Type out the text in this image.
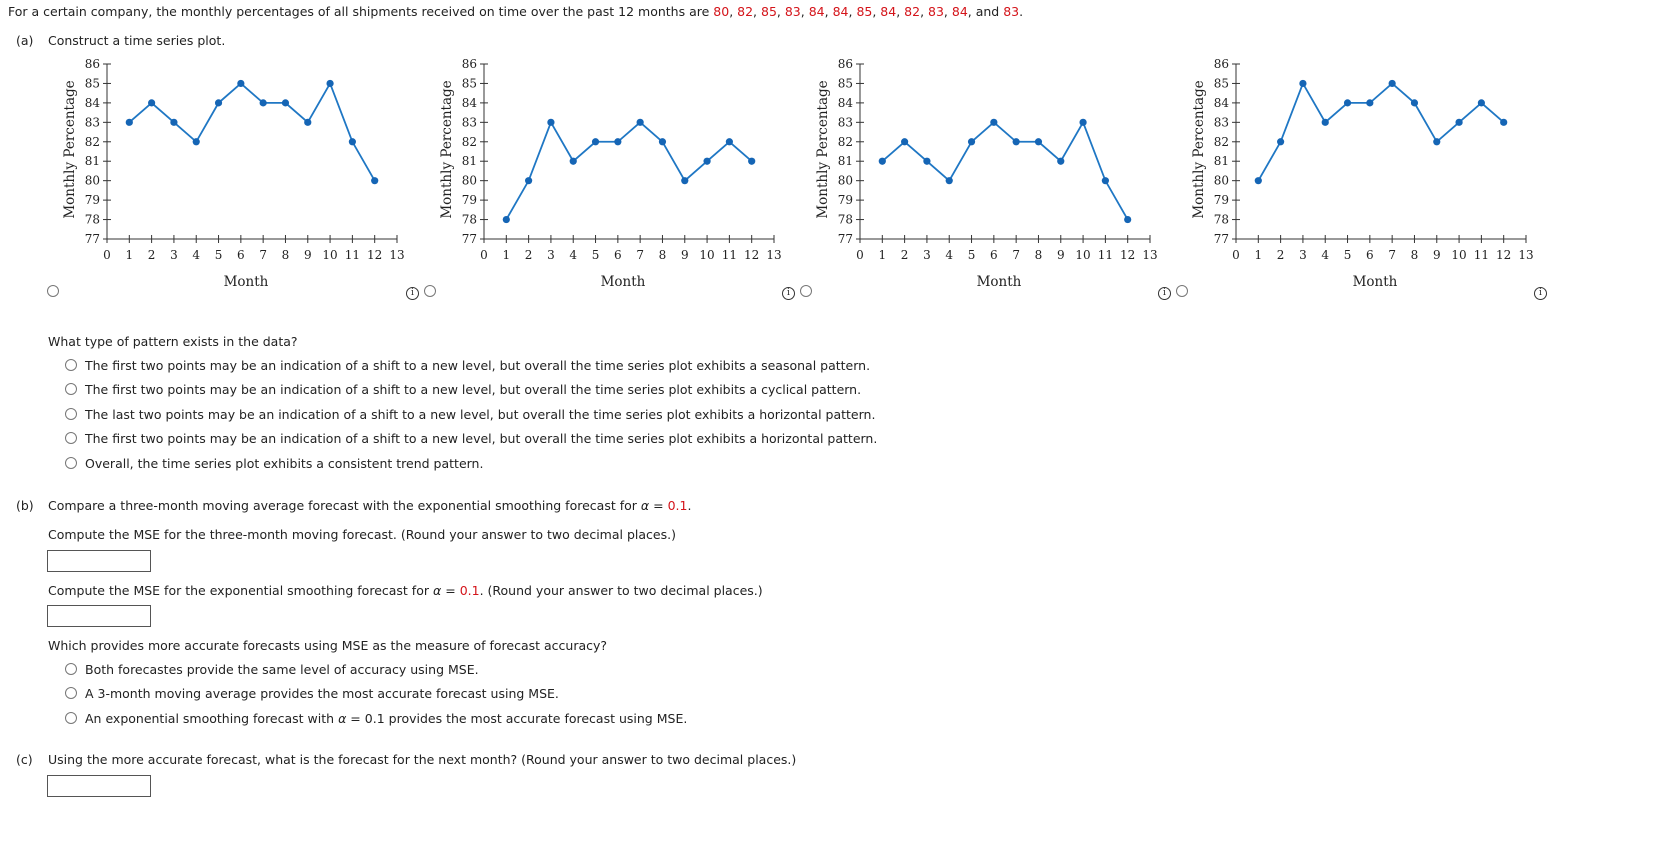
For a certain company, the monthly percentages of all shipments received on time over the past 12 months are 80, 82, 85, 83, 84, 84, 85, 84, 82, 83, 84, and 83.
(a) Construct a time series plot.
77
78
79
80
81
82
83
84
85
86
0 1 2 3 4 5 6 7 8 9 10 11 12 13
Month
Monthly Percentage
i
77
78
79
80
81
82
83
84
85
86
0 1 2 3 4 5 6 7 8 9 10 11 12 13
Month
Monthly Percentage
i
77
78
79
80
81
82
83
84
85
86
0 1 2 3 4 5 6 7 8 9 10 11 12 13
Month
Monthly Percentage
i
77
78
79
80
81
82
83
84
85
86
0 1 2 3 4 5 6 7 8 9 10 11 12 13
Month
Monthly Percentage
i
What type of pattern exists in the data?
The first two points may be an indication of a shift to a new level, but overall the time series plot exhibits a seasonal pattern.
The first two points may be an indication of a shift to a new level, but overall the time series plot exhibits a cyclical pattern.
The last two points may be an indication of a shift to a new level, but overall the time series plot exhibits a horizontal pattern.
The first two points may be an indication of a shift to a new level, but overall the time series plot exhibits a horizontal pattern.
Overall, the time series plot exhibits a consistent trend pattern.
(b) Compare a three-month moving average forecast with the exponential smoothing forecast for α = 0.1.
Compute the MSE for the three-month moving forecast. (Round your answer to two decimal places.)
Compute the MSE for the exponential smoothing forecast for α = 0.1. (Round your answer to two decimal places.)
Which provides more accurate forecasts using MSE as the measure of forecast accuracy?
Both forecastes provide the same level of accuracy using MSE.
A 3-month moving average provides the most accurate forecast using MSE.
An exponential smoothing forecast with α = 0.1 provides the most accurate forecast using MSE.
(c) Using the more accurate forecast, what is the forecast for the next month? (Round your answer to two decimal places.)
